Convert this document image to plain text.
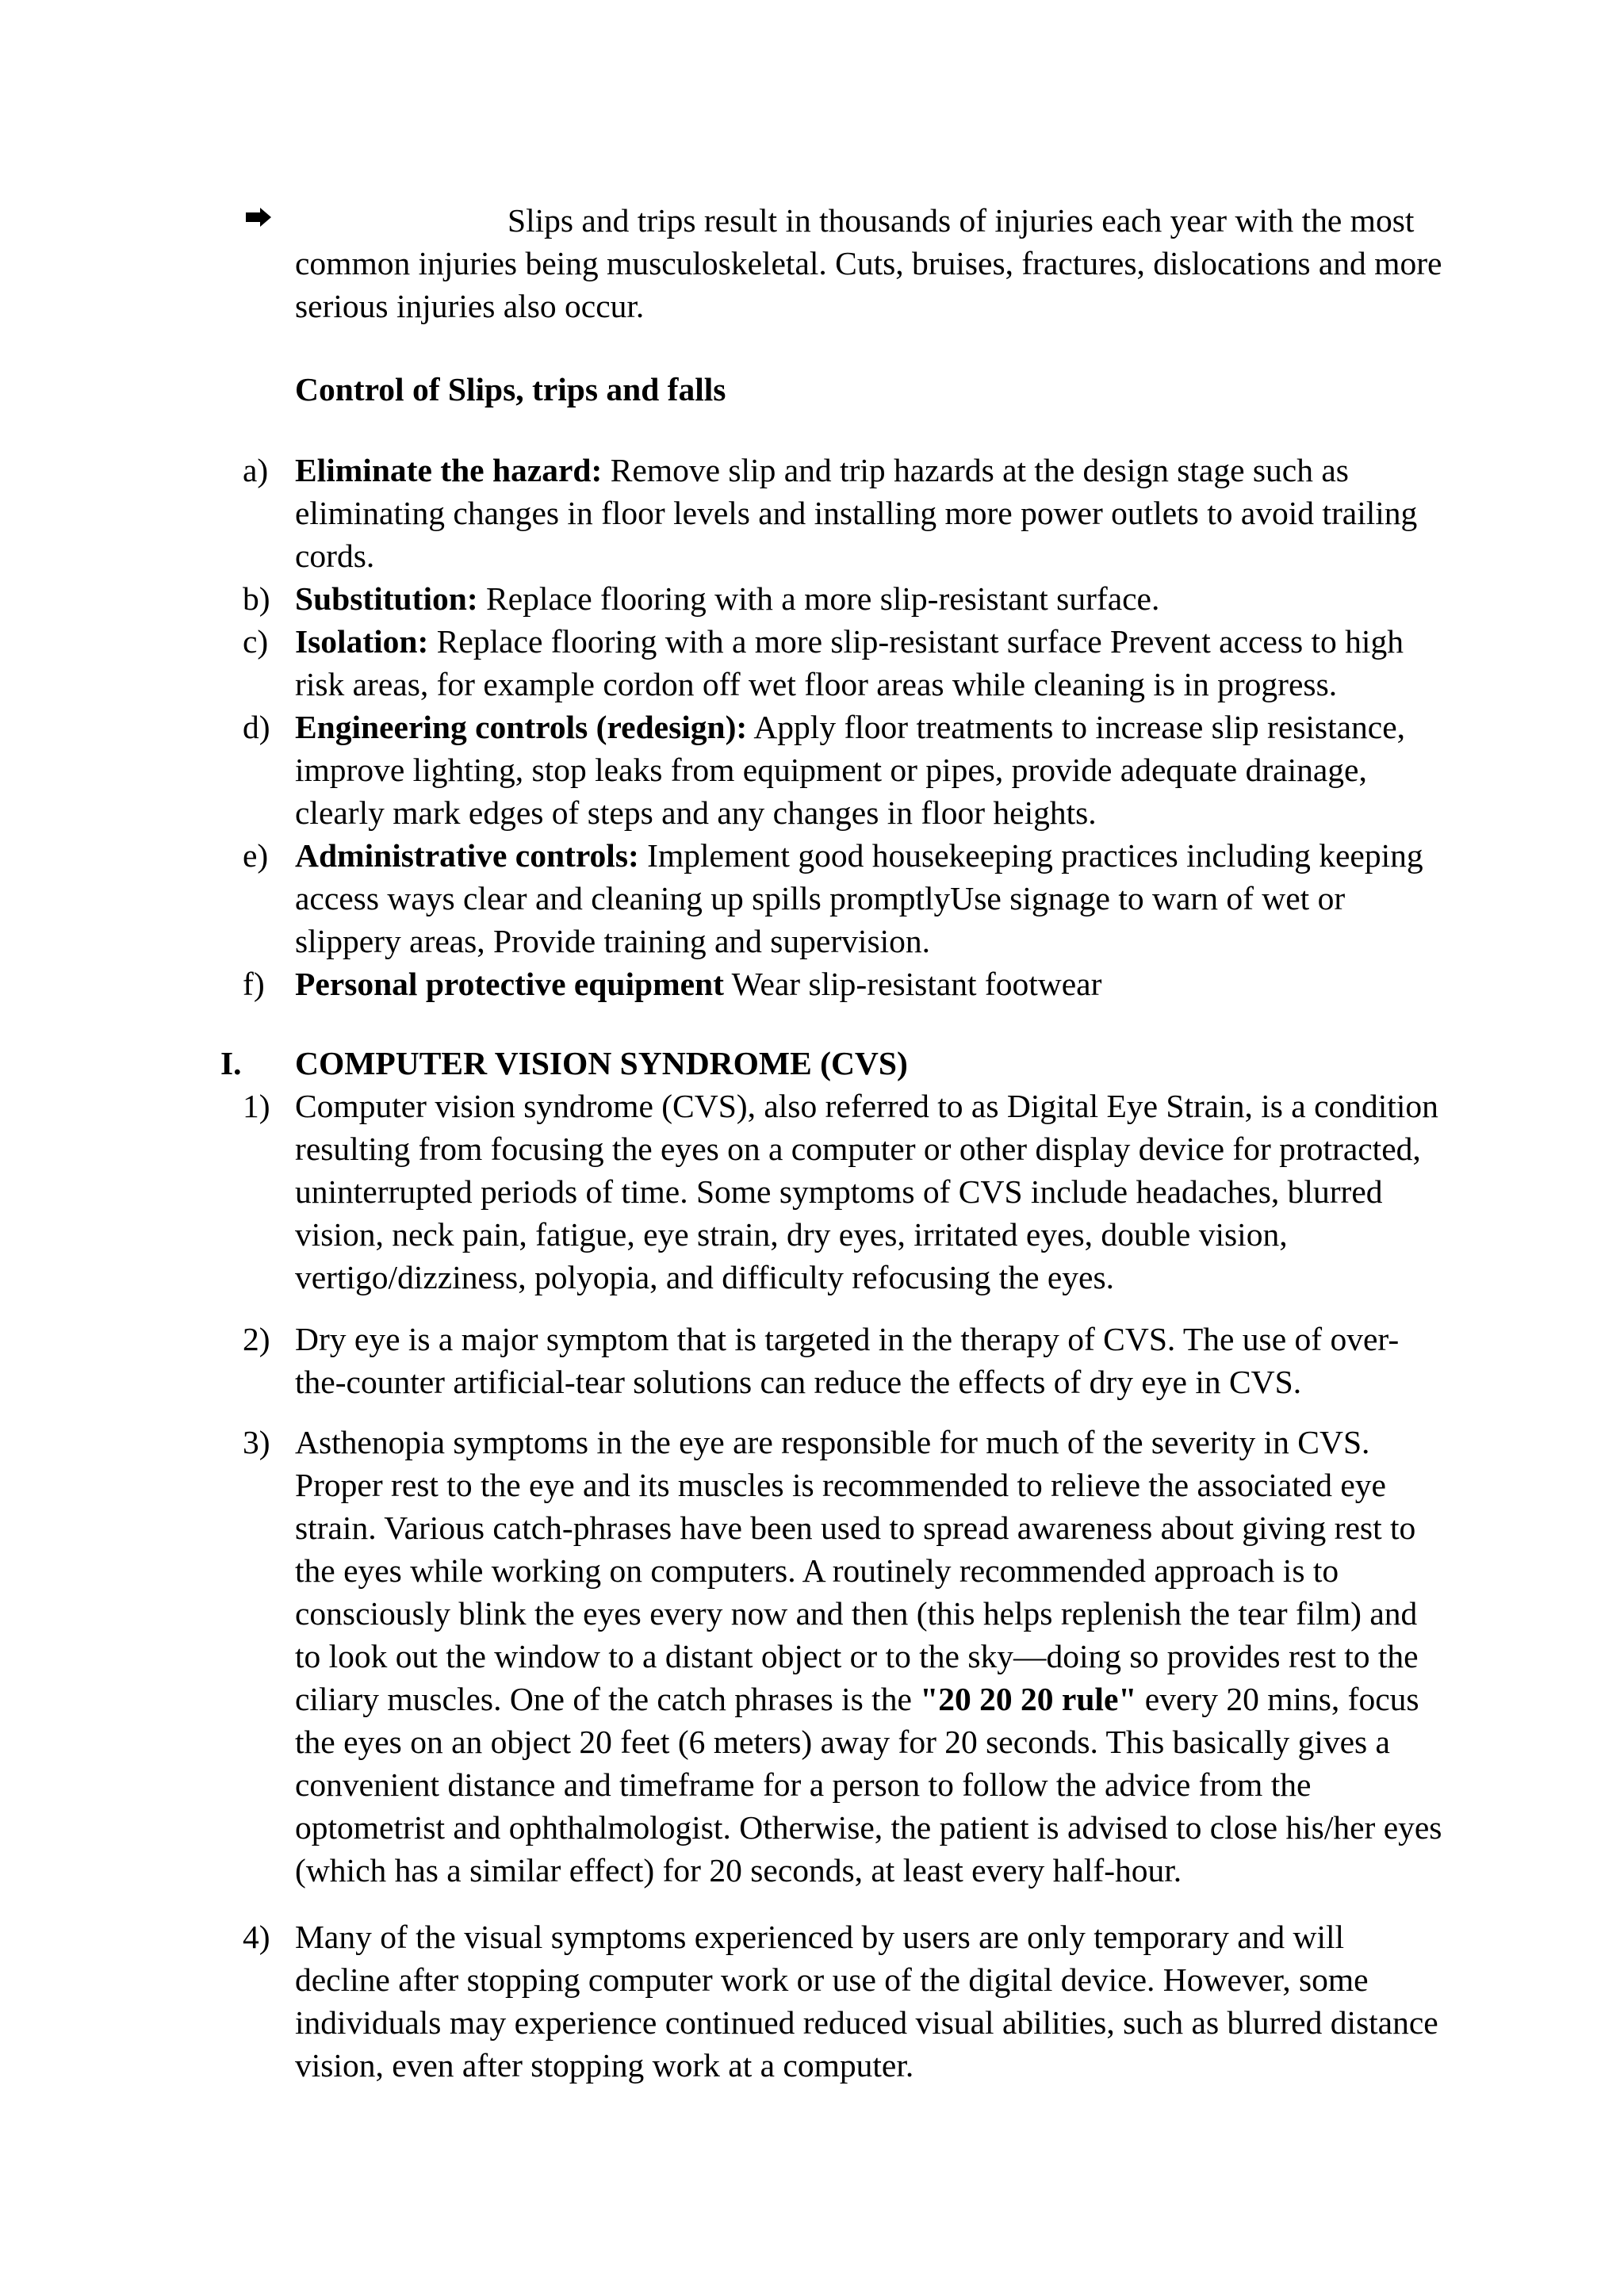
Slips and trips result in thousands of injuries each year with the most common injuries being musculoskeletal. Cuts, bruises, fractures, dislocations and more serious injuries also occur.

Control of Slips, trips and falls

a) Eliminate the hazard: Remove slip and trip hazards at the design stage such as eliminating changes in floor levels and installing more power outlets to avoid trailing cords.

b) Substitution: Replace flooring with a more slip-resistant surface.

c) Isolation: Replace flooring with a more slip-resistant surface Prevent access to high risk areas, for example cordon off wet floor areas while cleaning is in progress.

d) Engineering controls (redesign): Apply floor treatments to increase slip resistance, improve lighting, stop leaks from equipment or pipes, provide adequate drainage, clearly mark edges of steps and any changes in floor heights.

e) Administrative controls: Implement good housekeeping practices including keeping access ways clear and cleaning up spills promptlyUse signage to warn of wet or slippery areas, Provide training and supervision.

f) Personal protective equipment Wear slip-resistant footwear

I. COMPUTER VISION SYNDROME (CVS)

1) Computer vision syndrome (CVS), also referred to as Digital Eye Strain, is a condition resulting from focusing the eyes on a computer or other display device for protracted, uninterrupted periods of time. Some symptoms of CVS include headaches, blurred vision, neck pain, fatigue, eye strain, dry eyes, irritated eyes, double vision, vertigo/dizziness, polyopia, and difficulty refocusing the eyes.

2) Dry eye is a major symptom that is targeted in the therapy of CVS. The use of over-the-counter artificial-tear solutions can reduce the effects of dry eye in CVS.

3) Asthenopia symptoms in the eye are responsible for much of the severity in CVS. Proper rest to the eye and its muscles is recommended to relieve the associated eye strain. Various catch-phrases have been used to spread awareness about giving rest to the eyes while working on computers. A routinely recommended approach is to consciously blink the eyes every now and then (this helps replenish the tear film) and to look out the window to a distant object or to the sky—doing so provides rest to the ciliary muscles. One of the catch phrases is the "20 20 20 rule" every 20 mins, focus the eyes on an object 20 feet (6 meters) away for 20 seconds. This basically gives a convenient distance and timeframe for a person to follow the advice from the optometrist and ophthalmologist. Otherwise, the patient is advised to close his/her eyes (which has a similar effect) for 20 seconds, at least every half-hour.

4) Many of the visual symptoms experienced by users are only temporary and will decline after stopping computer work or use of the digital device. However, some individuals may experience continued reduced visual abilities, such as blurred distance vision, even after stopping work at a computer.
